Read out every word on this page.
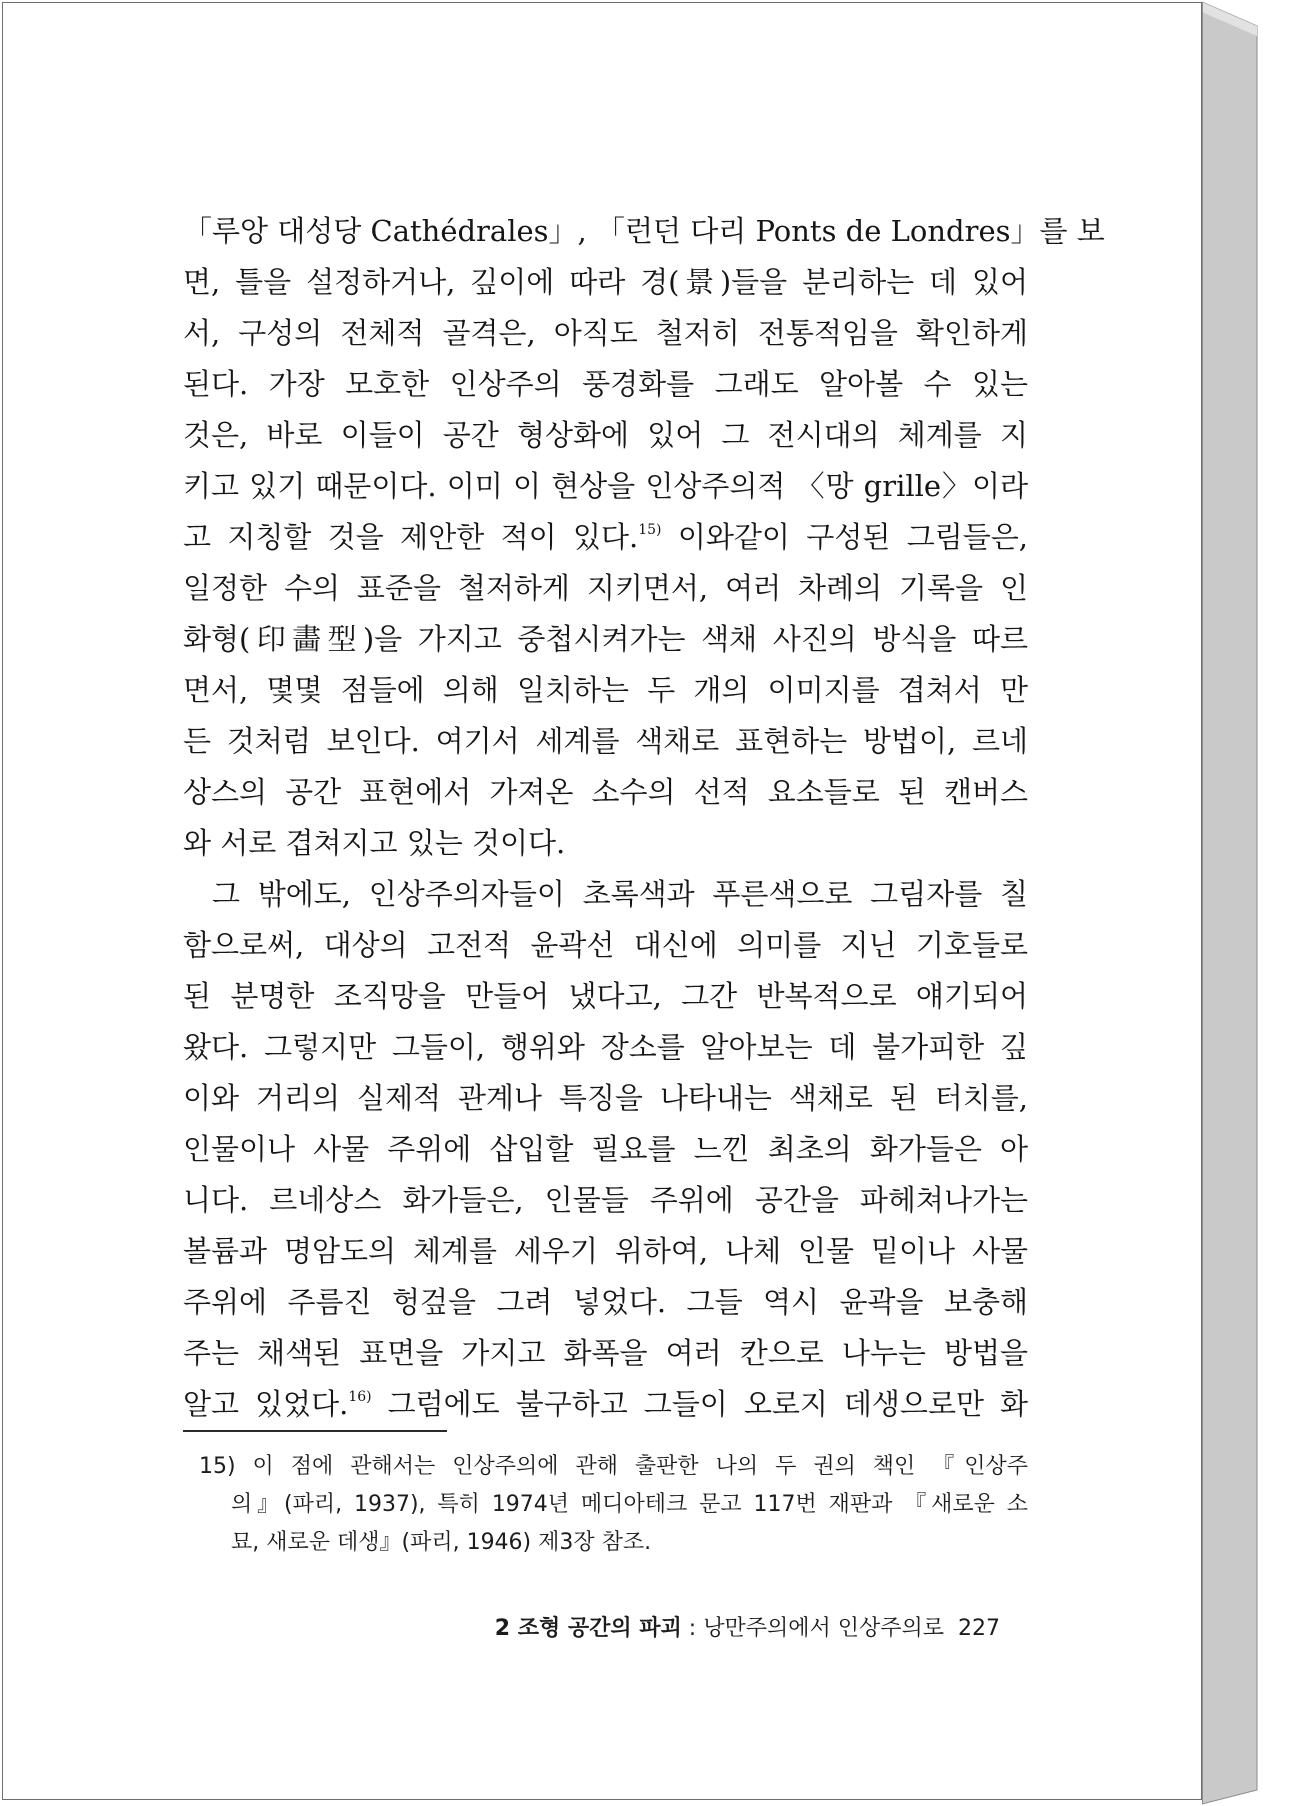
「루앙 대성당 Cathédrales」, 「런던 다리 Ponts de Londres」를 보
면, 틀을 설정하거나, 깊이에 따라 경(景)들을 분리하는 데 있어
서, 구성의 전체적 골격은, 아직도 철저히 전통적임을 확인하게
된다. 가장 모호한 인상주의 풍경화를 그래도 알아볼 수 있는
것은, 바로 이들이 공간 형상화에 있어 그 전시대의 체계를 지
키고 있기 때문이다. 이미 이 현상을 인상주의적 〈망 grille〉이라
고 지칭할 것을 제안한 적이 있다.$^{15)}$ 이와같이 구성된 그림들은,
일정한 수의 표준을 철저하게 지키면서, 여러 차례의 기록을 인
화형(印畵型)을 가지고 중첩시켜가는 색채 사진의 방식을 따르
면서, 몇몇 점들에 의해 일치하는 두 개의 이미지를 겹쳐서 만
든 것처럼 보인다. 여기서 세계를 색채로 표현하는 방법이, 르네
상스의 공간 표현에서 가져온 소수의 선적 요소들로 된 캔버스
와 서로 겹쳐지고 있는 것이다.
그 밖에도, 인상주의자들이 초록색과 푸른색으로 그림자를 칠
함으로써, 대상의 고전적 윤곽선 대신에 의미를 지닌 기호들로
된 분명한 조직망을 만들어 냈다고, 그간 반복적으로 얘기되어
왔다. 그렇지만 그들이, 행위와 장소를 알아보는 데 불가피한 깊
이와 거리의 실제적 관계나 특징을 나타내는 색채로 된 터치를,
인물이나 사물 주위에 삽입할 필요를 느낀 최초의 화가들은 아
니다. 르네상스 화가들은, 인물들 주위에 공간을 파헤쳐나가는
볼륨과 명암도의 체계를 세우기 위하여, 나체 인물 밑이나 사물
주위에 주름진 헝겊을 그려 넣었다. 그들 역시 윤곽을 보충해
주는 채색된 표면을 가지고 화폭을 여러 칸으로 나누는 방법을
알고 있었다.$^{16)}$ 그럼에도 불구하고 그들이 오로지 데생으로만 화
15) 이 점에 관해서는 인상주의에 관해 출판한 나의 두 권의 책인 『인상주
의』(파리, 1937), 특히 1974년 메디아테크 문고 117번 재판과 『새로운 소
묘, 새로운 데생』(파리, 1946) 제3장 참조.
2 조형 공간의 파괴 : 낭만주의에서 인상주의로 227
